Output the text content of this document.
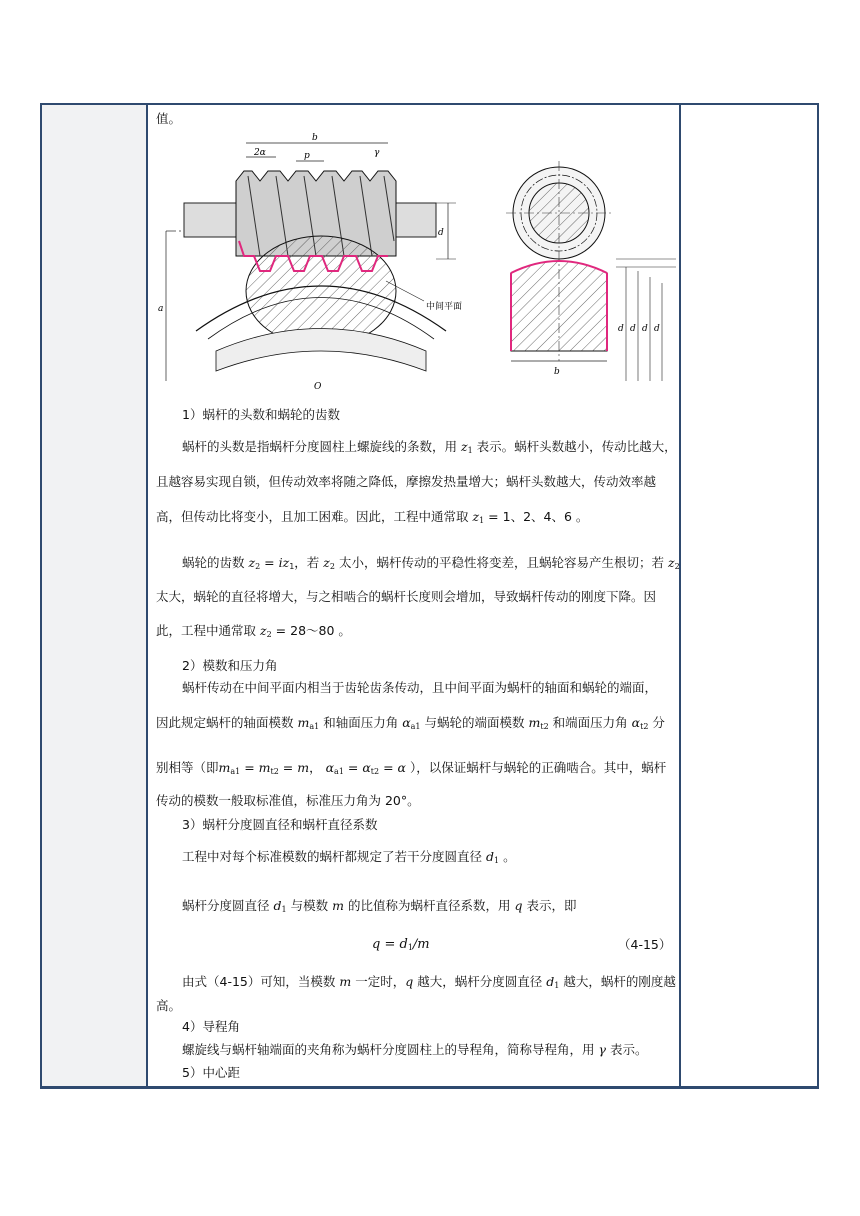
值。
b
2α	p	γ
中间平面
a
O
d
b
d d d d
1）蜗杆的头数和蜗轮的齿数
蜗杆的头数是指蜗杆分度圆柱上螺旋线的条数，用 z1 表示。蜗杆头数越小，传动比越大，
且越容易实现自锁，但传动效率将随之降低，摩擦发热量增大；蜗杆头数越大，传动效率越
高，但传动比将变小，且加工困难。因此，工程中通常取 z1 = 1、2、4、6 。
蜗轮的齿数 z2 = iz1，若 z2 太小，蜗杆传动的平稳性将变差，且蜗轮容易产生根切；若 z2
太大，蜗轮的直径将增大，与之相啮合的蜗杆长度则会增加，导致蜗杆传动的刚度下降。因
此，工程中通常取 z2 = 28～80 。
2）模数和压力角
蜗杆传动在中间平面内相当于齿轮齿条传动，且中间平面为蜗杆的轴面和蜗轮的端面，
因此规定蜗杆的轴面模数 ma1 和轴面压力角 αa1 与蜗轮的端面模数 mt2 和端面压力角 αt2 分
别相等（即ma1 = mt2 = m， αa1 = αt2 = α ），以保证蜗杆与蜗轮的正确啮合。其中，蜗杆
传动的模数一般取标准值，标准压力角为 20°。
3）蜗杆分度圆直径和蜗杆直径系数
工程中对每个标准模数的蜗杆都规定了若干分度圆直径 d1 。
蜗杆分度圆直径 d1 与模数 m 的比值称为蜗杆直径系数，用 q 表示，即
q = d1/m	（4-15）
由式（4-15）可知，当模数 m 一定时，q 越大，蜗杆分度圆直径 d1 越大，蜗杆的刚度越
高。
4）导程角
螺旋线与蜗杆轴端面的夹角称为蜗杆分度圆柱上的导程角，简称导程角，用 γ 表示。
5）中心距
